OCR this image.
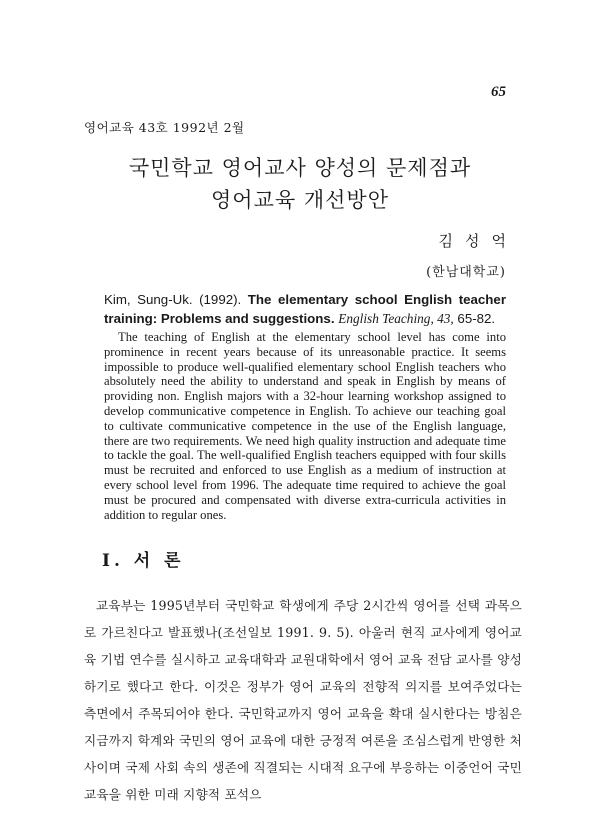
65
영어교육 43호 1992년 2월

국민학교 영어교사 양성의 문제점과

영어교육 개선방안

김성억
(한남대학교)
Kim, Sung-Uk. (1992). The elementary school English teacher training: Problems and suggestions. English Teaching, 43, 65-82.

The teaching of English at the elementary school level has come into prominence in recent years because of its unreasonable practice. It seems impossible to produce well-qualified elementary school English teachers who absolutely need the ability to understand and speak in English by means of providing non. English majors with a 32-hour learning workshop assigned to develop communicative competence in English. To achieve our teaching goal to cultivate communicative competence in the use of the English language, there are two requirements. We need high quality instruction and adequate time to tackle the goal. The well-qualified English teachers equipped with four skills must be recruited and enforced to use English as a medium of instruction at every school level from 1996. The adequate time required to achieve the goal must be procured and compensated with diverse extra-curricula activities in addition to regular ones.

Ⅰ. 서 론

교육부는 1995년부터 국민학교 학생에게 주당 2시간씩 영어를 선택 과목으로 가르친다고 발표했나(조선일보 1991. 9. 5). 아울러 현직 교사에게 영어교육 기법 연수를 실시하고 교육대학과 교원대학에서 영어 교육 전담 교사를 양성하기로 했다고 한다. 이것은 정부가 영어 교육의 전향적 의지를 보여주었다는 측면에서 주목되어야 한다. 국민학교까지 영어 교육을 확대 실시한다는 방침은 지금까지 학계와 국민의 영어 교육에 대한 긍정적 여론을 조심스럽게 반영한 처사이며 국제 사회 속의 생존에 직결되는 시대적 요구에 부응하는 이중언어 국민 교육을 위한 미래 지향적 포석으
